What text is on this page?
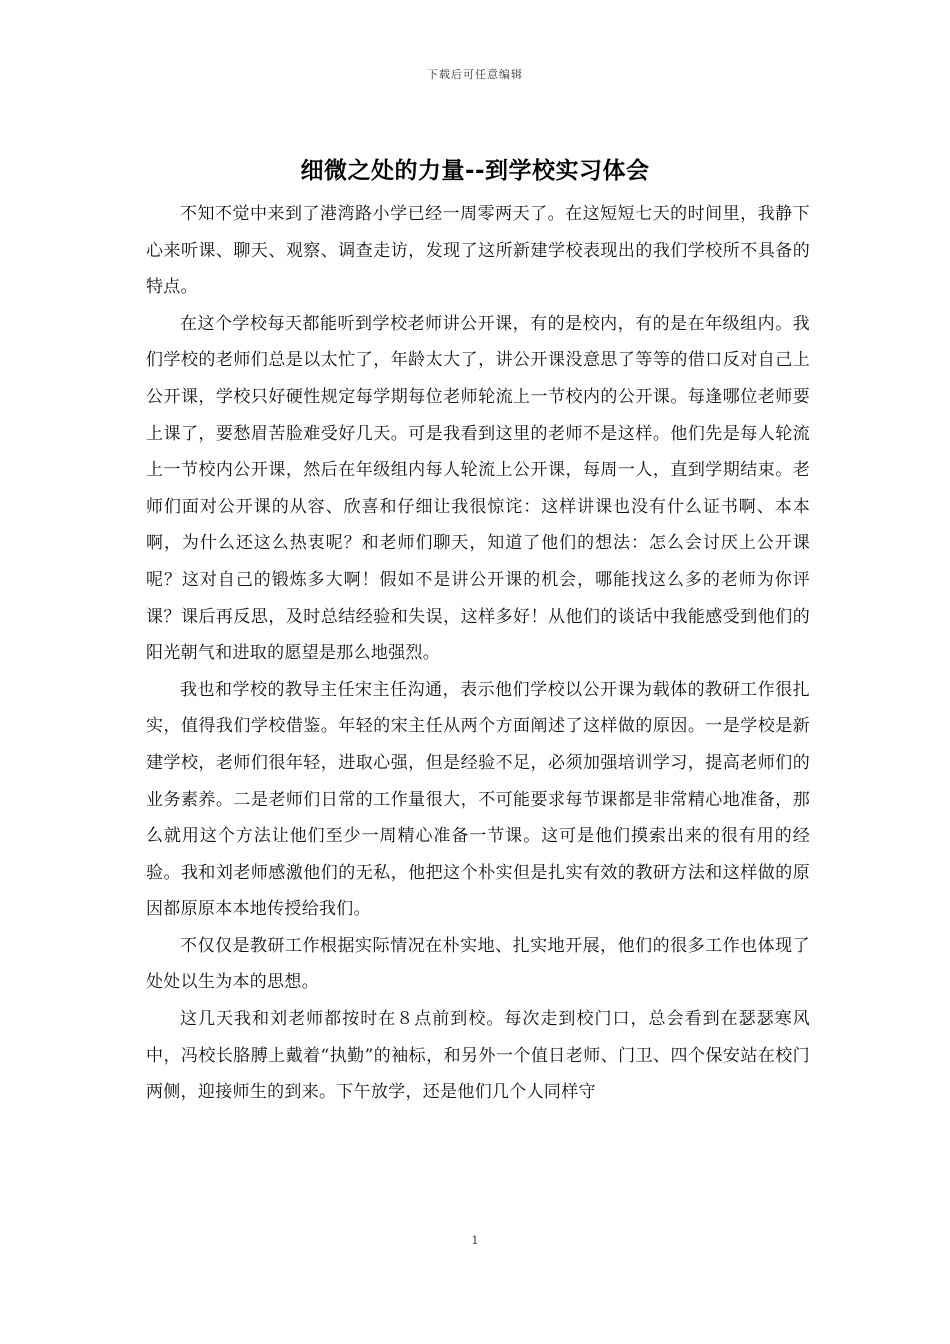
下载后可任意编辑
细微之处的力量--到学校实习体会

不知不觉中来到了港湾路小学已经一周零两天了。在这短短七天的时间里，我静下心来听课、聊天、观察、调查走访，发现了这所新建学校表现出的我们学校所不具备的特点。

在这个学校每天都能听到学校老师讲公开课，有的是校内，有的是在年级组内。我们学校的老师们总是以太忙了，年龄太大了，讲公开课没意思了等等的借口反对自己上公开课，学校只好硬性规定每学期每位老师轮流上一节校内的公开课。每逢哪位老师要上课了，要愁眉苦脸难受好几天。可是我看到这里的老师不是这样。他们先是每人轮流上一节校内公开课，然后在年级组内每人轮流上公开课，每周一人，直到学期结束。老师们面对公开课的从容、欣喜和仔细让我很惊诧：这样讲课也没有什么证书啊、本本啊，为什么还这么热衷呢？和老师们聊天，知道了他们的想法：怎么会讨厌上公开课呢？这对自己的锻炼多大啊！假如不是讲公开课的机会，哪能找这么多的老师为你评课？课后再反思，及时总结经验和失误，这样多好！从他们的谈话中我能感受到他们的阳光朝气和进取的愿望是那么地强烈。

我也和学校的教导主任宋主任沟通，表示他们学校以公开课为载体的教研工作很扎实，值得我们学校借鉴。年轻的宋主任从两个方面阐述了这样做的原因。一是学校是新建学校，老师们很年轻，进取心强，但是经验不足，必须加强培训学习，提高老师们的业务素养。二是老师们日常的工作量很大，不可能要求每节课都是非常精心地准备，那么就用这个方法让他们至少一周精心准备一节课。这可是他们摸索出来的很有用的经验。我和刘老师感激他们的无私，他把这个朴实但是扎实有效的教研方法和这样做的原因都原原本本地传授给我们。

不仅仅是教研工作根据实际情况在朴实地、扎实地开展，他们的很多工作也体现了处处以生为本的思想。

这几天我和刘老师都按时在８点前到校。每次走到校门口，总会看到在瑟瑟寒风中，冯校长胳膊上戴着“执勤”的袖标，和另外一个值日老师、门卫、四个保安站在校门两侧，迎接师生的到来。下午放学，还是他们几个人同样守

1
